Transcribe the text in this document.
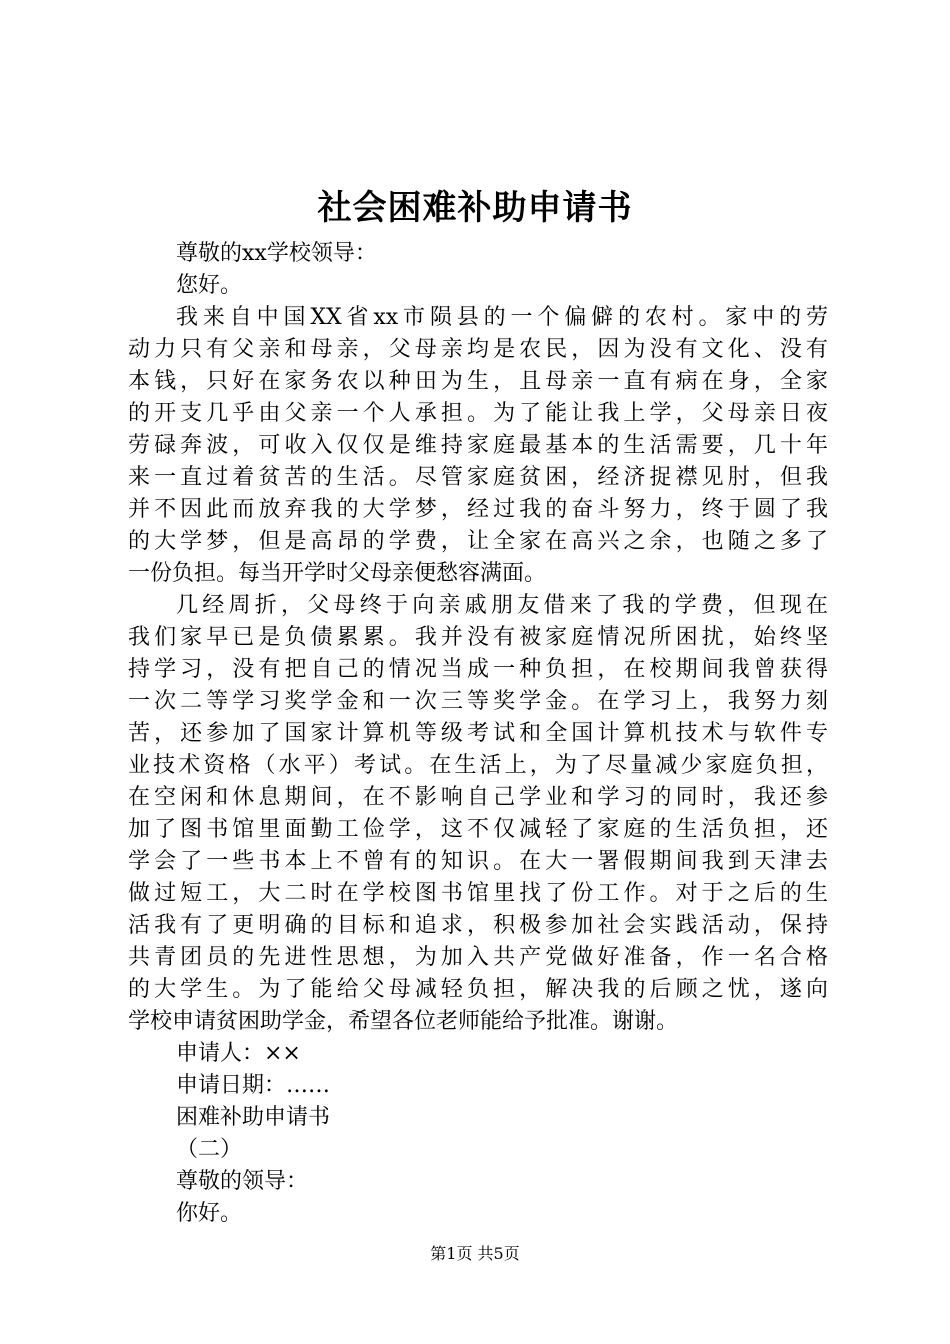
社会困难补助申请书
尊敬的xx学校领导：
您好。
我来自中国XX省xx市陨县的一个偏僻的农村。家中的劳
动力只有父亲和母亲，父母亲均是农民，因为没有文化、没有
本钱，只好在家务农以种田为生，且母亲一直有病在身，全家
的开支几乎由父亲一个人承担。为了能让我上学，父母亲日夜
劳碌奔波，可收入仅仅是维持家庭最基本的生活需要，几十年
来一直过着贫苦的生活。尽管家庭贫困，经济捉襟见肘，但我
并不因此而放弃我的大学梦，经过我的奋斗努力，终于圆了我
的大学梦，但是高昂的学费，让全家在高兴之余，也随之多了
一份负担。每当开学时父母亲便愁容满面。
几经周折，父母终于向亲戚朋友借来了我的学费，但现在
我们家早已是负债累累。我并没有被家庭情况所困扰，始终坚
持学习，没有把自己的情况当成一种负担，在校期间我曾获得
一次二等学习奖学金和一次三等奖学金。在学习上，我努力刻
苦，还参加了国家计算机等级考试和全国计算机技术与软件专
业技术资格（水平）考试。在生活上，为了尽量减少家庭负担，
在空闲和休息期间，在不影响自己学业和学习的同时，我还参
加了图书馆里面勤工俭学，这不仅减轻了家庭的生活负担，还
学会了一些书本上不曾有的知识。在大一署假期间我到天津去
做过短工，大二时在学校图书馆里找了份工作。对于之后的生
活我有了更明确的目标和追求，积极参加社会实践活动，保持
共青团员的先进性思想，为加入共产党做好准备，作一名合格
的大学生。为了能给父母减轻负担，解决我的后顾之忧，遂向
学校申请贫困助学金，希望各位老师能给予批准。谢谢。
申请人：××
申请日期：……
困难补助申请书
（二）
尊敬的领导：
你好。
第1页 共5页
